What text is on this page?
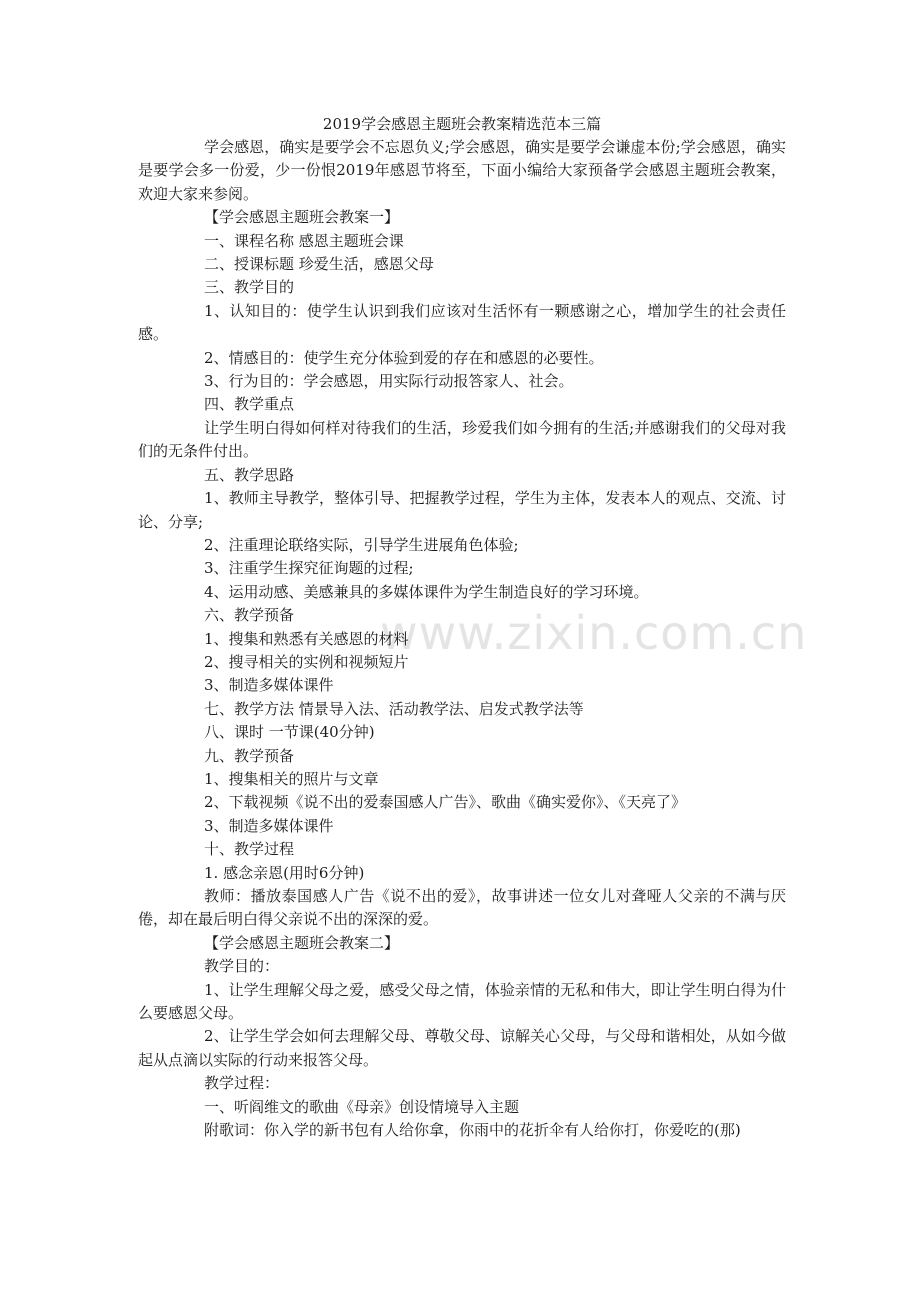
www.zixin.com.cn
2019学会感恩主题班会教案精选范本三篇

学会感恩，确实是要学会不忘恩负义;学会感恩，确实是要学会谦虚本份;学会感恩，确实是要学会多一份爱，少一份恨2019年感恩节将至，下面小编给大家预备学会感恩主题班会教案，欢迎大家来参阅。

【学会感恩主题班会教案一】

一、课程名称 感恩主题班会课

二、授课标题 珍爱生活，感恩父母

三、教学目的

1、认知目的：使学生认识到我们应该对生活怀有一颗感谢之心，增加学生的社会责任感。

2、情感目的：使学生充分体验到爱的存在和感恩的必要性。

3、行为目的：学会感恩，用实际行动报答家人、社会。

四、教学重点

让学生明白得如何样对待我们的生活，珍爱我们如今拥有的生活;并感谢我们的父母对我们的无条件付出。

五、教学思路

1、教师主导教学，整体引导、把握教学过程，学生为主体，发表本人的观点、交流、讨论、分享;

2、注重理论联络实际，引导学生进展角色体验;

3、注重学生探究征询题的过程;

4、运用动感、美感兼具的多媒体课件为学生制造良好的学习环境。

六、教学预备

1、搜集和熟悉有关感恩的材料

2、搜寻相关的实例和视频短片

3、制造多媒体课件

七、教学方法 情景导入法、活动教学法、启发式教学法等

八、课时 一节课(40分钟)

九、教学预备

1、搜集相关的照片与文章

2、下载视频《说不出的爱泰国感人广告》、歌曲《确实爱你》、《天亮了》

3、制造多媒体课件

十、教学过程

1. 感念亲恩(用时6分钟)

教师：播放泰国感人广告《说不出的爱》，故事讲述一位女儿对聋哑人父亲的不满与厌倦，却在最后明白得父亲说不出的深深的爱。

【学会感恩主题班会教案二】

教学目的：

1、让学生理解父母之爱，感受父母之情，体验亲情的无私和伟大，即让学生明白得为什么要感恩父母。

2、让学生学会如何去理解父母、尊敬父母、谅解关心父母，与父母和谐相处，从如今做起从点滴以实际的行动来报答父母。

教学过程：

一、听阎维文的歌曲《母亲》创设情境导入主题

附歌词：你入学的新书包有人给你拿，你雨中的花折伞有人给你打，你爱吃的(那)
